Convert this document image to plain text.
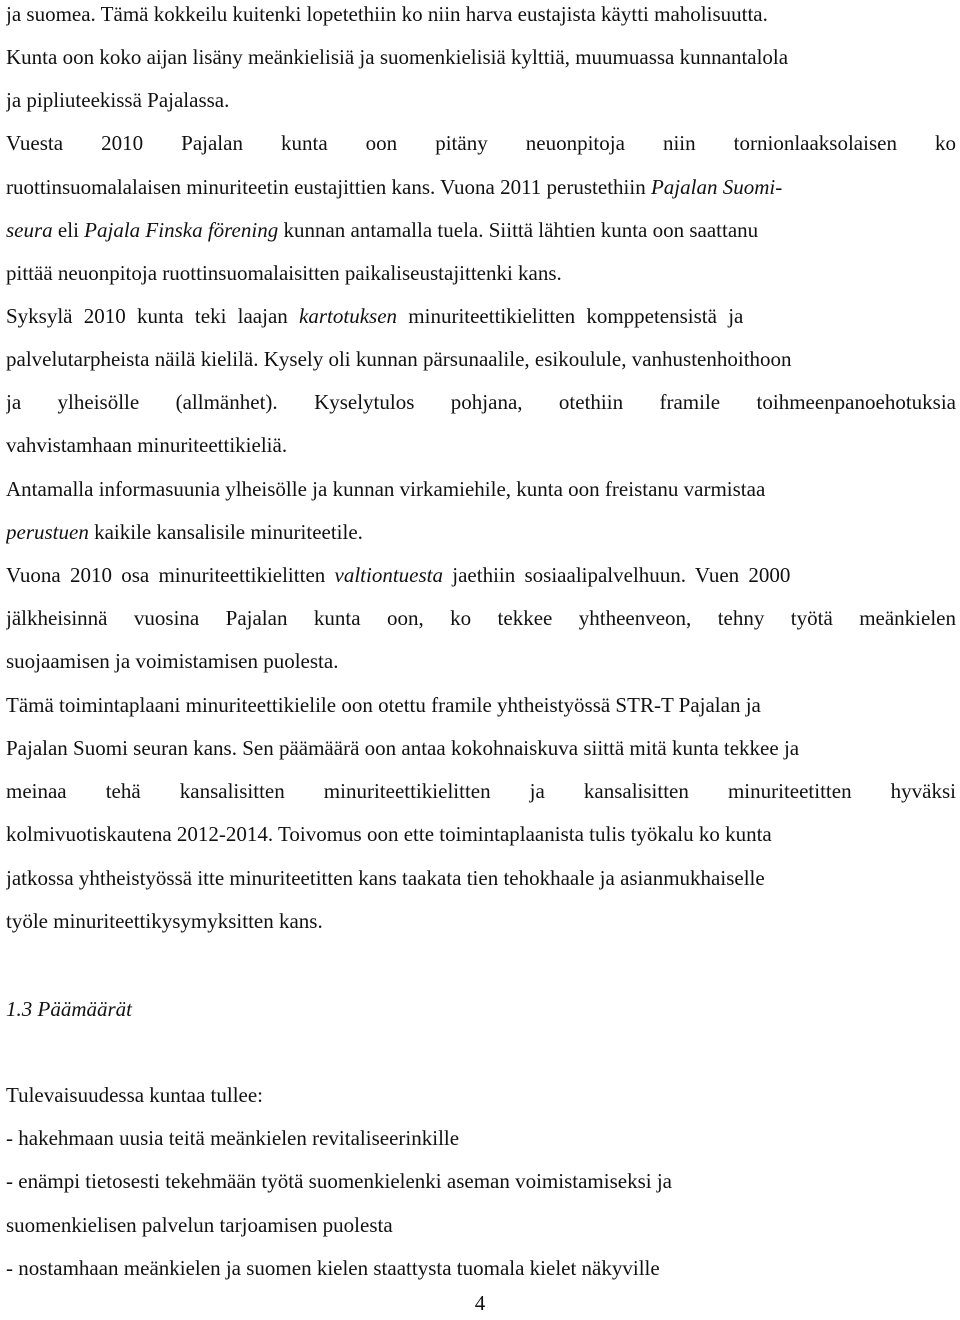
ja suomea. Tämä kokkeilu kuitenki lopetethiin ko niin harva eustajista käytti maholisuutta.
Kunta oon koko aijan lisäny meänkielisiä ja suomenkielisiä kylttiä, muumuassa kunnantalola
ja pipliuteekissä Pajalassa.
Vuesta 2010 Pajalan kunta oon pitäny neuonpitoja niin tornionlaaksolaisen ko
ruottinsuomalalaisen minuriteetin eustajittien kans. Vuona 2011 perustethiin Pajalan Suomi-
seura eli Pajala Finska förening kunnan antamalla tuela. Siittä lähtien kunta oon saattanu
pittää neuonpitoja ruottinsuomalaisitten paikaliseustajittenki kans.
Syksylä 2010 kunta teki laajan kartotuksen minuriteettikielitten komppetensistä ja
palvelutarpheista näilä kielilä. Kysely oli kunnan pärsunaalile, esikoulule, vanhustenhoithoon
ja ylheisölle (allmänhet). Kyselytulos pohjana, otethiin framile toihmeenpanoehotuksia
vahvistamhaan minuriteettikieliä.
Antamalla informasuunia ylheisölle ja kunnan virkamiehile, kunta oon freistanu varmistaa
perustuen kaikile kansalisile minuriteetile.
Vuona 2010 osa minuriteettikielitten valtiontuesta jaethiin sosiaalipalvelhuun. Vuen 2000
jälkheisinnä vuosina Pajalan kunta oon, ko tekkee yhtheenveon, tehny työtä meänkielen
suojaamisen ja voimistamisen puolesta.
Tämä toimintaplaani minuriteettikielile oon otettu framile yhtheistyössä STR-T Pajalan ja
Pajalan Suomi seuran kans. Sen päämäärä oon antaa kokohnaiskuva siittä mitä kunta tekkee ja
meinaa tehä kansalisitten minuriteettikielitten ja kansalisitten minuriteetitten hyväksi
kolmivuotiskautena 2012-2014. Toivomus oon ette toimintaplaanista tulis työkalu ko kunta
jatkossa yhtheistyössä itte minuriteetitten kans taakata tien tehokhaale ja asianmukhaiselle
työle minuriteettikysymyksitten kans.
1.3 Päämäärät
Tulevaisuudessa kuntaa tullee:
- hakehmaan uusia teitä meänkielen revitaliseerinkille
- enämpi tietosesti tekehmään työtä suomenkielenki aseman voimistamiseksi ja
suomenkielisen palvelun tarjoamisen puolesta
- nostamhaan meänkielen ja suomen kielen staattysta tuomala kielet näkyville
4
